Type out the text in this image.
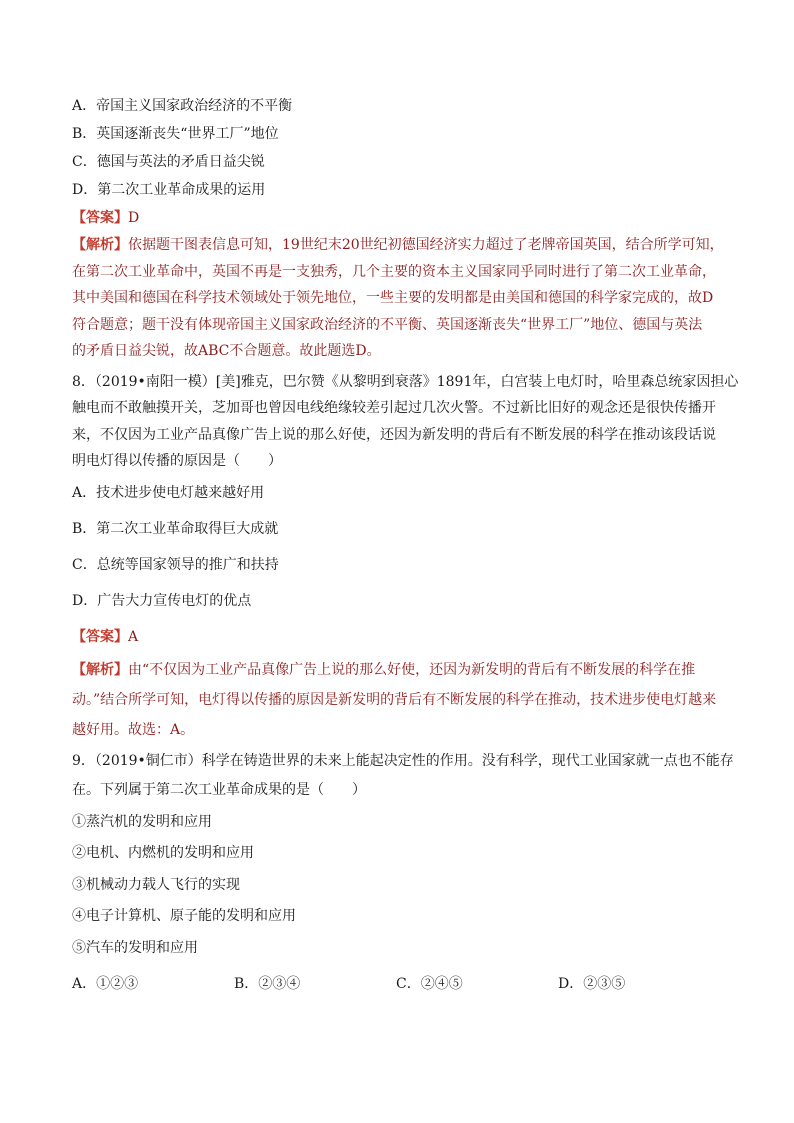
A．帝国主义国家政治经济的不平衡
B．英国逐渐丧失“世界工厂”地位
C．德国与英法的矛盾日益尖锐
D．第二次工业革命成果的运用
【答案】D
【解析】依据题干图表信息可知，19世纪末20世纪初德国经济实力超过了老牌帝国英国，结合所学可知，
在第二次工业革命中，英国不再是一支独秀，几个主要的资本主义国家同乎同时进行了第二次工业革命，
其中美国和德国在科学技术领域处于领先地位，一些主要的发明都是由美国和德国的科学家完成的，故D
符合题意；题干没有体现帝国主义国家政治经济的不平衡、英国逐渐丧失“世界工厂”地位、德国与英法
的矛盾日益尖锐，故ABC不合题意。故此题选D。
8．（2019•南阳一模）[美]雅克，巴尔赞《从黎明到衰落》1891年，白宫装上电灯时，哈里森总统家因担心
触电而不敢触摸开关，芝加哥也曾因电线绝缘较差引起过几次火警。不过新比旧好的观念还是很快传播开
来，不仅因为工业产品真像广告上说的那么好使，还因为新发明的背后有不断发展的科学在推动该段话说
明电灯得以传播的原因是（　　）
A．技术进步使电灯越来越好用
B．第二次工业革命取得巨大成就
C．总统等国家领导的推广和扶持
D．广告大力宣传电灯的优点
【答案】A
【解析】由“不仅因为工业产品真像广告上说的那么好使，还因为新发明的背后有不断发展的科学在推
动。”结合所学可知，电灯得以传播的原因是新发明的背后有不断发展的科学在推动，技术进步使电灯越来
越好用。故选：A。
9．（2019•铜仁市）科学在铸造世界的未来上能起决定性的作用。没有科学，现代工业国家就一点也不能存
在。下列属于第二次工业革命成果的是（　　）
①蒸汽机的发明和应用
②电机、内燃机的发明和应用
③机械动力载人飞行的实现
④电子计算机、原子能的发明和应用
⑤汽车的发明和应用
A．①②③	B．②③④	C．②④⑤	D．②③⑤
